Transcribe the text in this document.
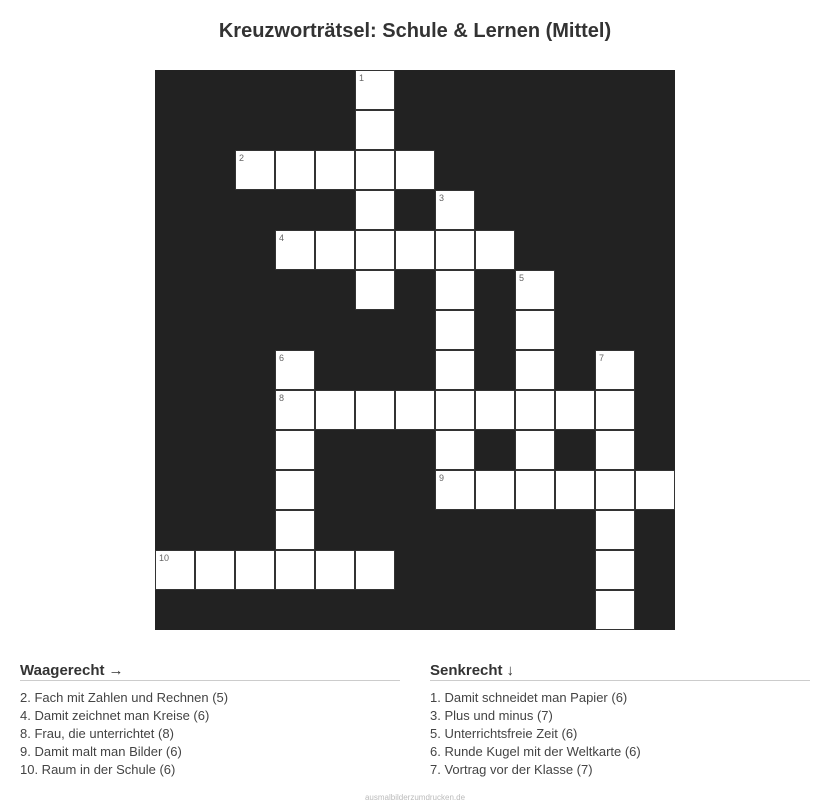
Kreuzworträtsel: Schule & Lernen (Mittel)
1
2
3
4
5
6	7
8
9
10
Waagerecht →
2. Fach mit Zahlen und Rechnen (5)
4. Damit zeichnet man Kreise (6)
8. Frau, die unterrichtet (8)
9. Damit malt man Bilder (6)
10. Raum in der Schule (6)
Senkrecht ↓
1. Damit schneidet man Papier (6)
3. Plus und minus (7)
5. Unterrichtsfreie Zeit (6)
6. Runde Kugel mit der Weltkarte (6)
7. Vortrag vor der Klasse (7)
ausmalbilderzumdrucken.de
